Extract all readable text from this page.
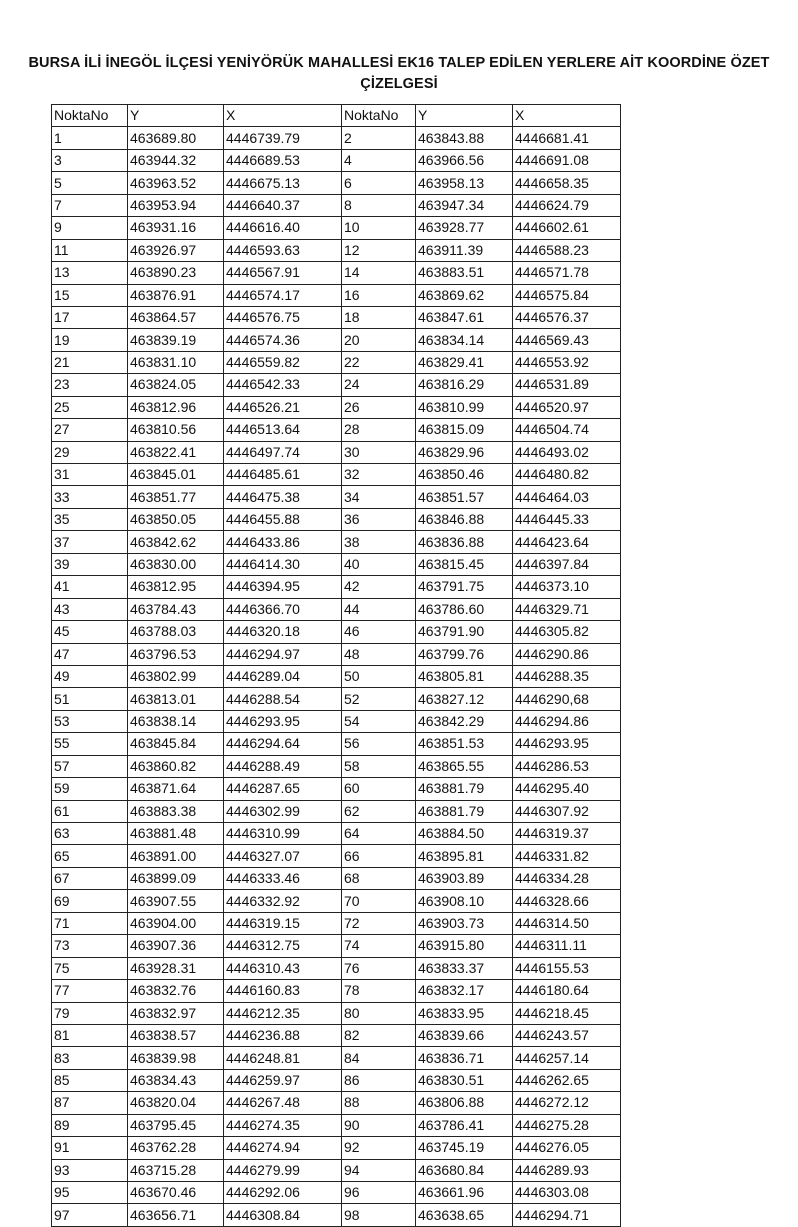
BURSA İLİ İNEGÖL İLÇESİ YENİYÖRÜK MAHALLESİ EK16 TALEP EDİLEN YERLERE AİT KOORDİNE ÖZET
ÇİZELGESİ
NoktaNo	Y	X	NoktaNo	Y	X
1	463689.80	4446739.79	2	463843.88	4446681.41
3	463944.32	4446689.53	4	463966.56	4446691.08
5	463963.52	4446675.13	6	463958.13	4446658.35
7	463953.94	4446640.37	8	463947.34	4446624.79
9	463931.16	4446616.40	10	463928.77	4446602.61
11	463926.97	4446593.63	12	463911.39	4446588.23
13	463890.23	4446567.91	14	463883.51	4446571.78
15	463876.91	4446574.17	16	463869.62	4446575.84
17	463864.57	4446576.75	18	463847.61	4446576.37
19	463839.19	4446574.36	20	463834.14	4446569.43
21	463831.10	4446559.82	22	463829.41	4446553.92
23	463824.05	4446542.33	24	463816.29	4446531.89
25	463812.96	4446526.21	26	463810.99	4446520.97
27	463810.56	4446513.64	28	463815.09	4446504.74
29	463822.41	4446497.74	30	463829.96	4446493.02
31	463845.01	4446485.61	32	463850.46	4446480.82
33	463851.77	4446475.38	34	463851.57	4446464.03
35	463850.05	4446455.88	36	463846.88	4446445.33
37	463842.62	4446433.86	38	463836.88	4446423.64
39	463830.00	4446414.30	40	463815.45	4446397.84
41	463812.95	4446394.95	42	463791.75	4446373.10
43	463784.43	4446366.70	44	463786.60	4446329.71
45	463788.03	4446320.18	46	463791.90	4446305.82
47	463796.53	4446294.97	48	463799.76	4446290.86
49	463802.99	4446289.04	50	463805.81	4446288.35
51	463813.01	4446288.54	52	463827.12	4446290,68
53	463838.14	4446293.95	54	463842.29	4446294.86
55	463845.84	4446294.64	56	463851.53	4446293.95
57	463860.82	4446288.49	58	463865.55	4446286.53
59	463871.64	4446287.65	60	463881.79	4446295.40
61	463883.38	4446302.99	62	463881.79	4446307.92
63	463881.48	4446310.99	64	463884.50	4446319.37
65	463891.00	4446327.07	66	463895.81	4446331.82
67	463899.09	4446333.46	68	463903.89	4446334.28
69	463907.55	4446332.92	70	463908.10	4446328.66
71	463904.00	4446319.15	72	463903.73	4446314.50
73	463907.36	4446312.75	74	463915.80	4446311.11
75	463928.31	4446310.43	76	463833.37	4446155.53
77	463832.76	4446160.83	78	463832.17	4446180.64
79	463832.97	4446212.35	80	463833.95	4446218.45
81	463838.57	4446236.88	82	463839.66	4446243.57
83	463839.98	4446248.81	84	463836.71	4446257.14
85	463834.43	4446259.97	86	463830.51	4446262.65
87	463820.04	4446267.48	88	463806.88	4446272.12
89	463795.45	4446274.35	90	463786.41	4446275.28
91	463762.28	4446274.94	92	463745.19	4446276.05
93	463715.28	4446279.99	94	463680.84	4446289.93
95	463670.46	4446292.06	96	463661.96	4446303.08
97	463656.71	4446308.84	98	463638.65	4446294.71
